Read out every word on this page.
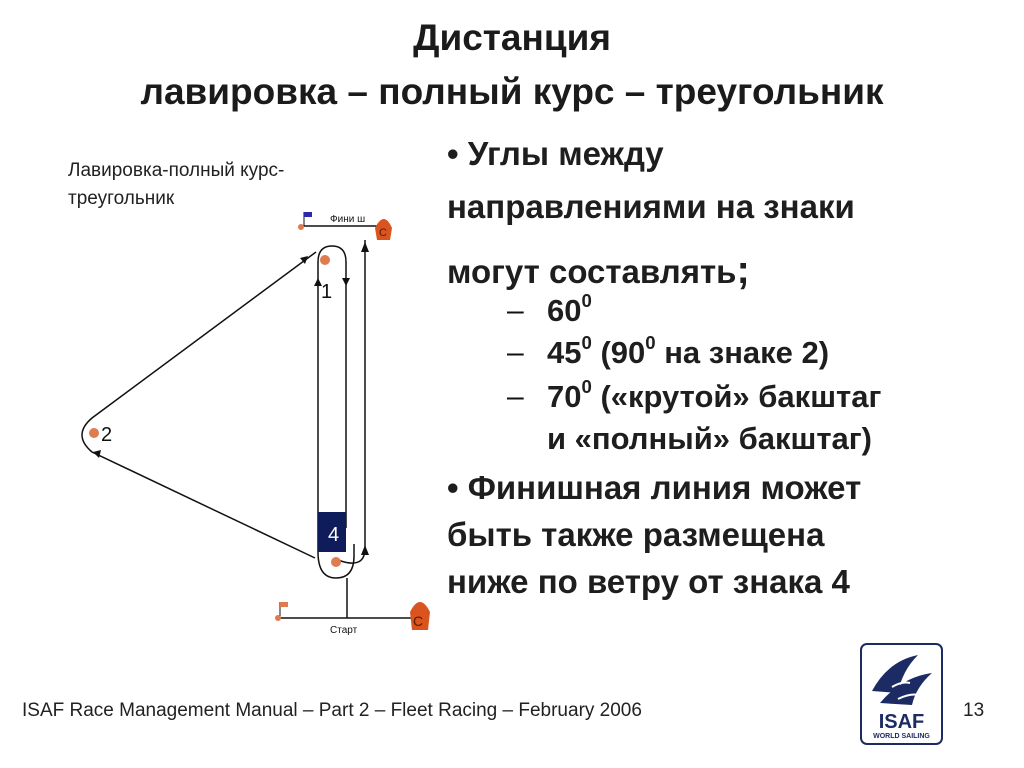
Дистанция
лавировка – полный курс – треугольник
Лавировка-полный курс-
треугольник
Фини ш
C
Старт
C
4
1
2
• Углы между
направлениями на знаки
могут составлять;
– $60^0$
– $45^0$ ($90^0$ на знаке 2)
– $70^0$ («крутой» бакштаг
и «полный» бакштаг)
• Финишная линия может
быть также размещена
ниже по ветру от знака 4
ISAF Race Management Manual – Part 2 – Fleet Racing – February 2006	13
ISAF
WORLD SAILING
